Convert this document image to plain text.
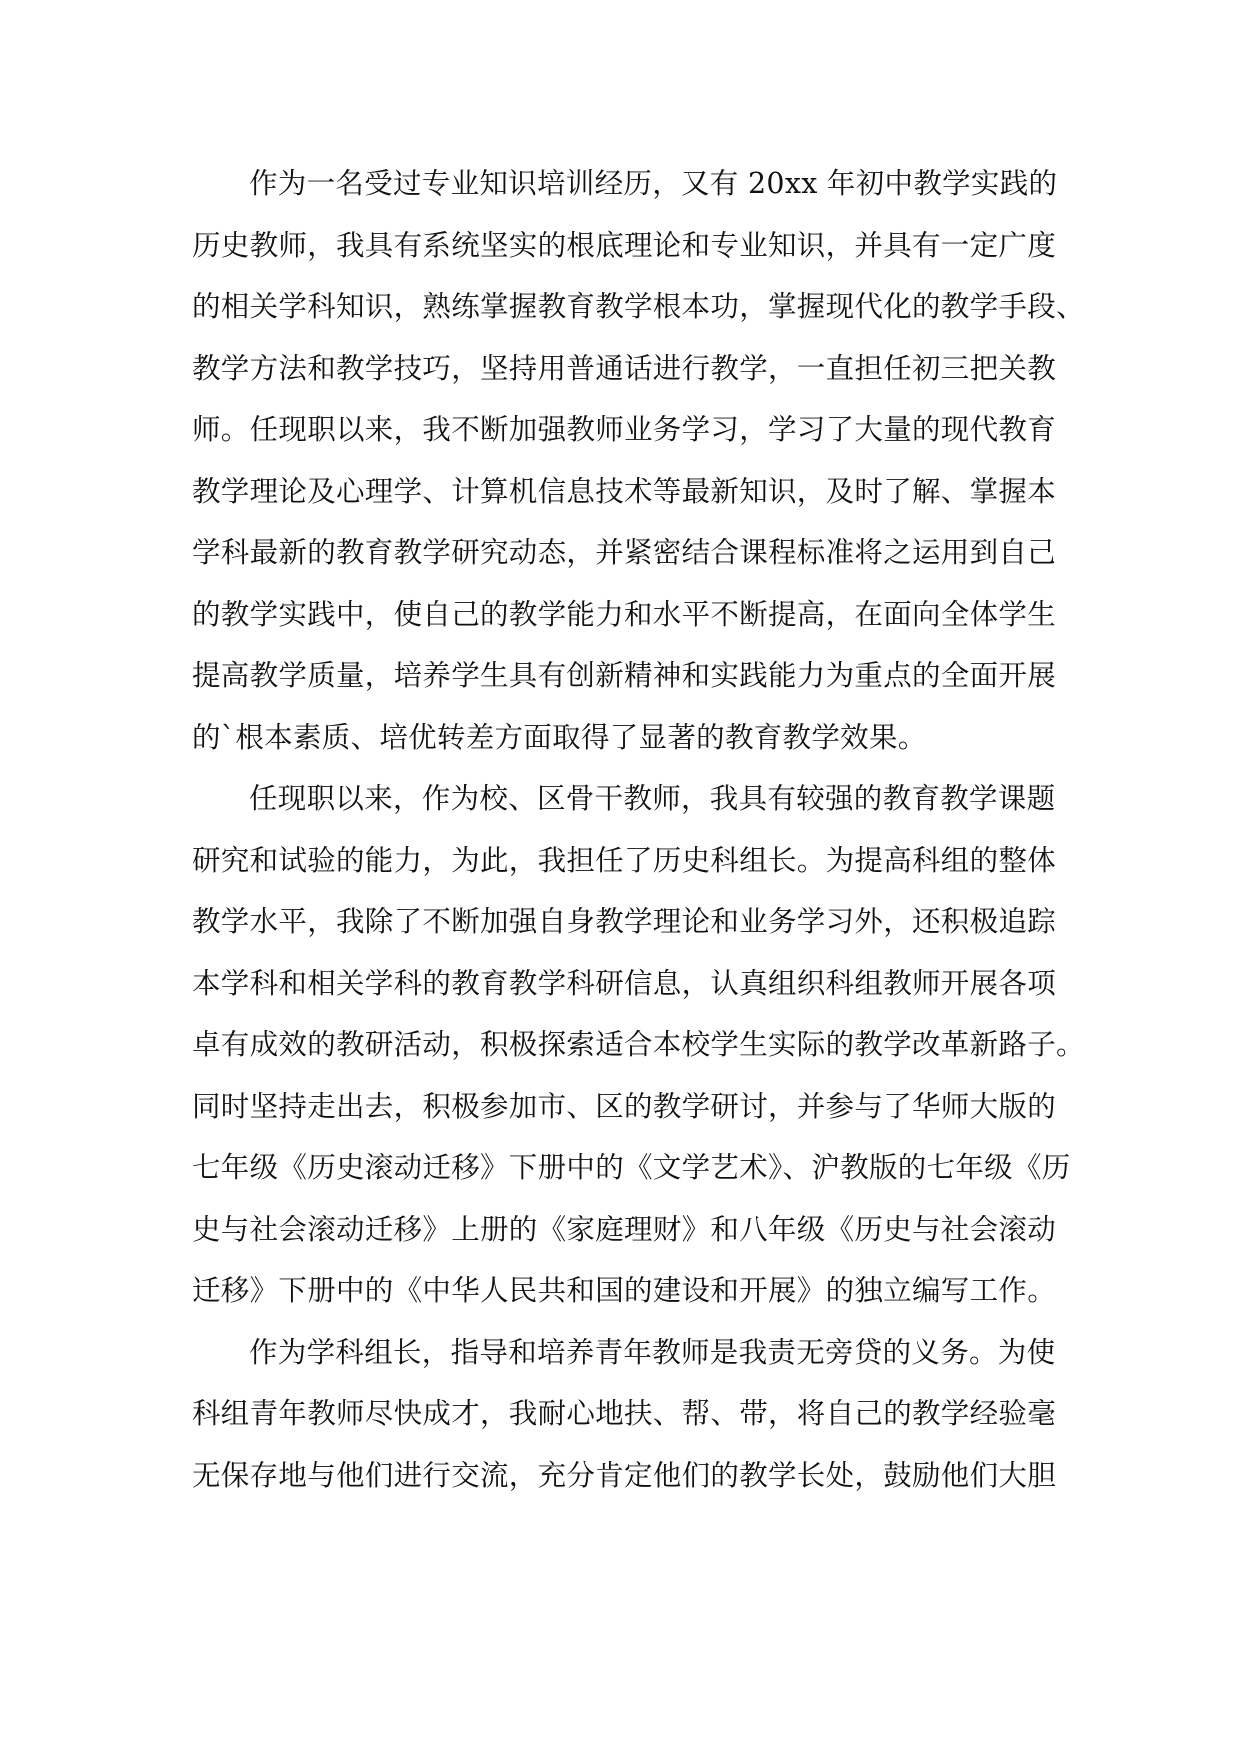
作为一名受过专业知识培训经历，又有 20xx 年初中教学实践的
历史教师，我具有系统坚实的根底理论和专业知识，并具有一定广度
的相关学科知识，熟练掌握教育教学根本功，掌握现代化的教学手段、
教学方法和教学技巧，坚持用普通话进行教学，一直担任初三把关教
师。任现职以来，我不断加强教师业务学习，学习了大量的现代教育
教学理论及心理学、计算机信息技术等最新知识，及时了解、掌握本
学科最新的教育教学研究动态，并紧密结合课程标准将之运用到自己
的教学实践中，使自己的教学能力和水平不断提高，在面向全体学生
提高教学质量，培养学生具有创新精神和实践能力为重点的全面开展
的`根本素质、培优转差方面取得了显著的教育教学效果。
任现职以来，作为校、区骨干教师，我具有较强的教育教学课题
研究和试验的能力，为此，我担任了历史科组长。为提高科组的整体
教学水平，我除了不断加强自身教学理论和业务学习外，还积极追踪
本学科和相关学科的教育教学科研信息，认真组织科组教师开展各项
卓有成效的教研活动，积极探索适合本校学生实际的教学改革新路子。
同时坚持走出去，积极参加市、区的教学研讨，并参与了华师大版的
七年级《历史滚动迁移》下册中的《文学艺术》、沪教版的七年级《历
史与社会滚动迁移》上册的《家庭理财》和八年级《历史与社会滚动
迁移》下册中的《中华人民共和国的建设和开展》的独立编写工作。
作为学科组长，指导和培养青年教师是我责无旁贷的义务。为使
科组青年教师尽快成才，我耐心地扶、帮、带，将自己的教学经验毫
无保存地与他们进行交流，充分肯定他们的教学长处，鼓励他们大胆
